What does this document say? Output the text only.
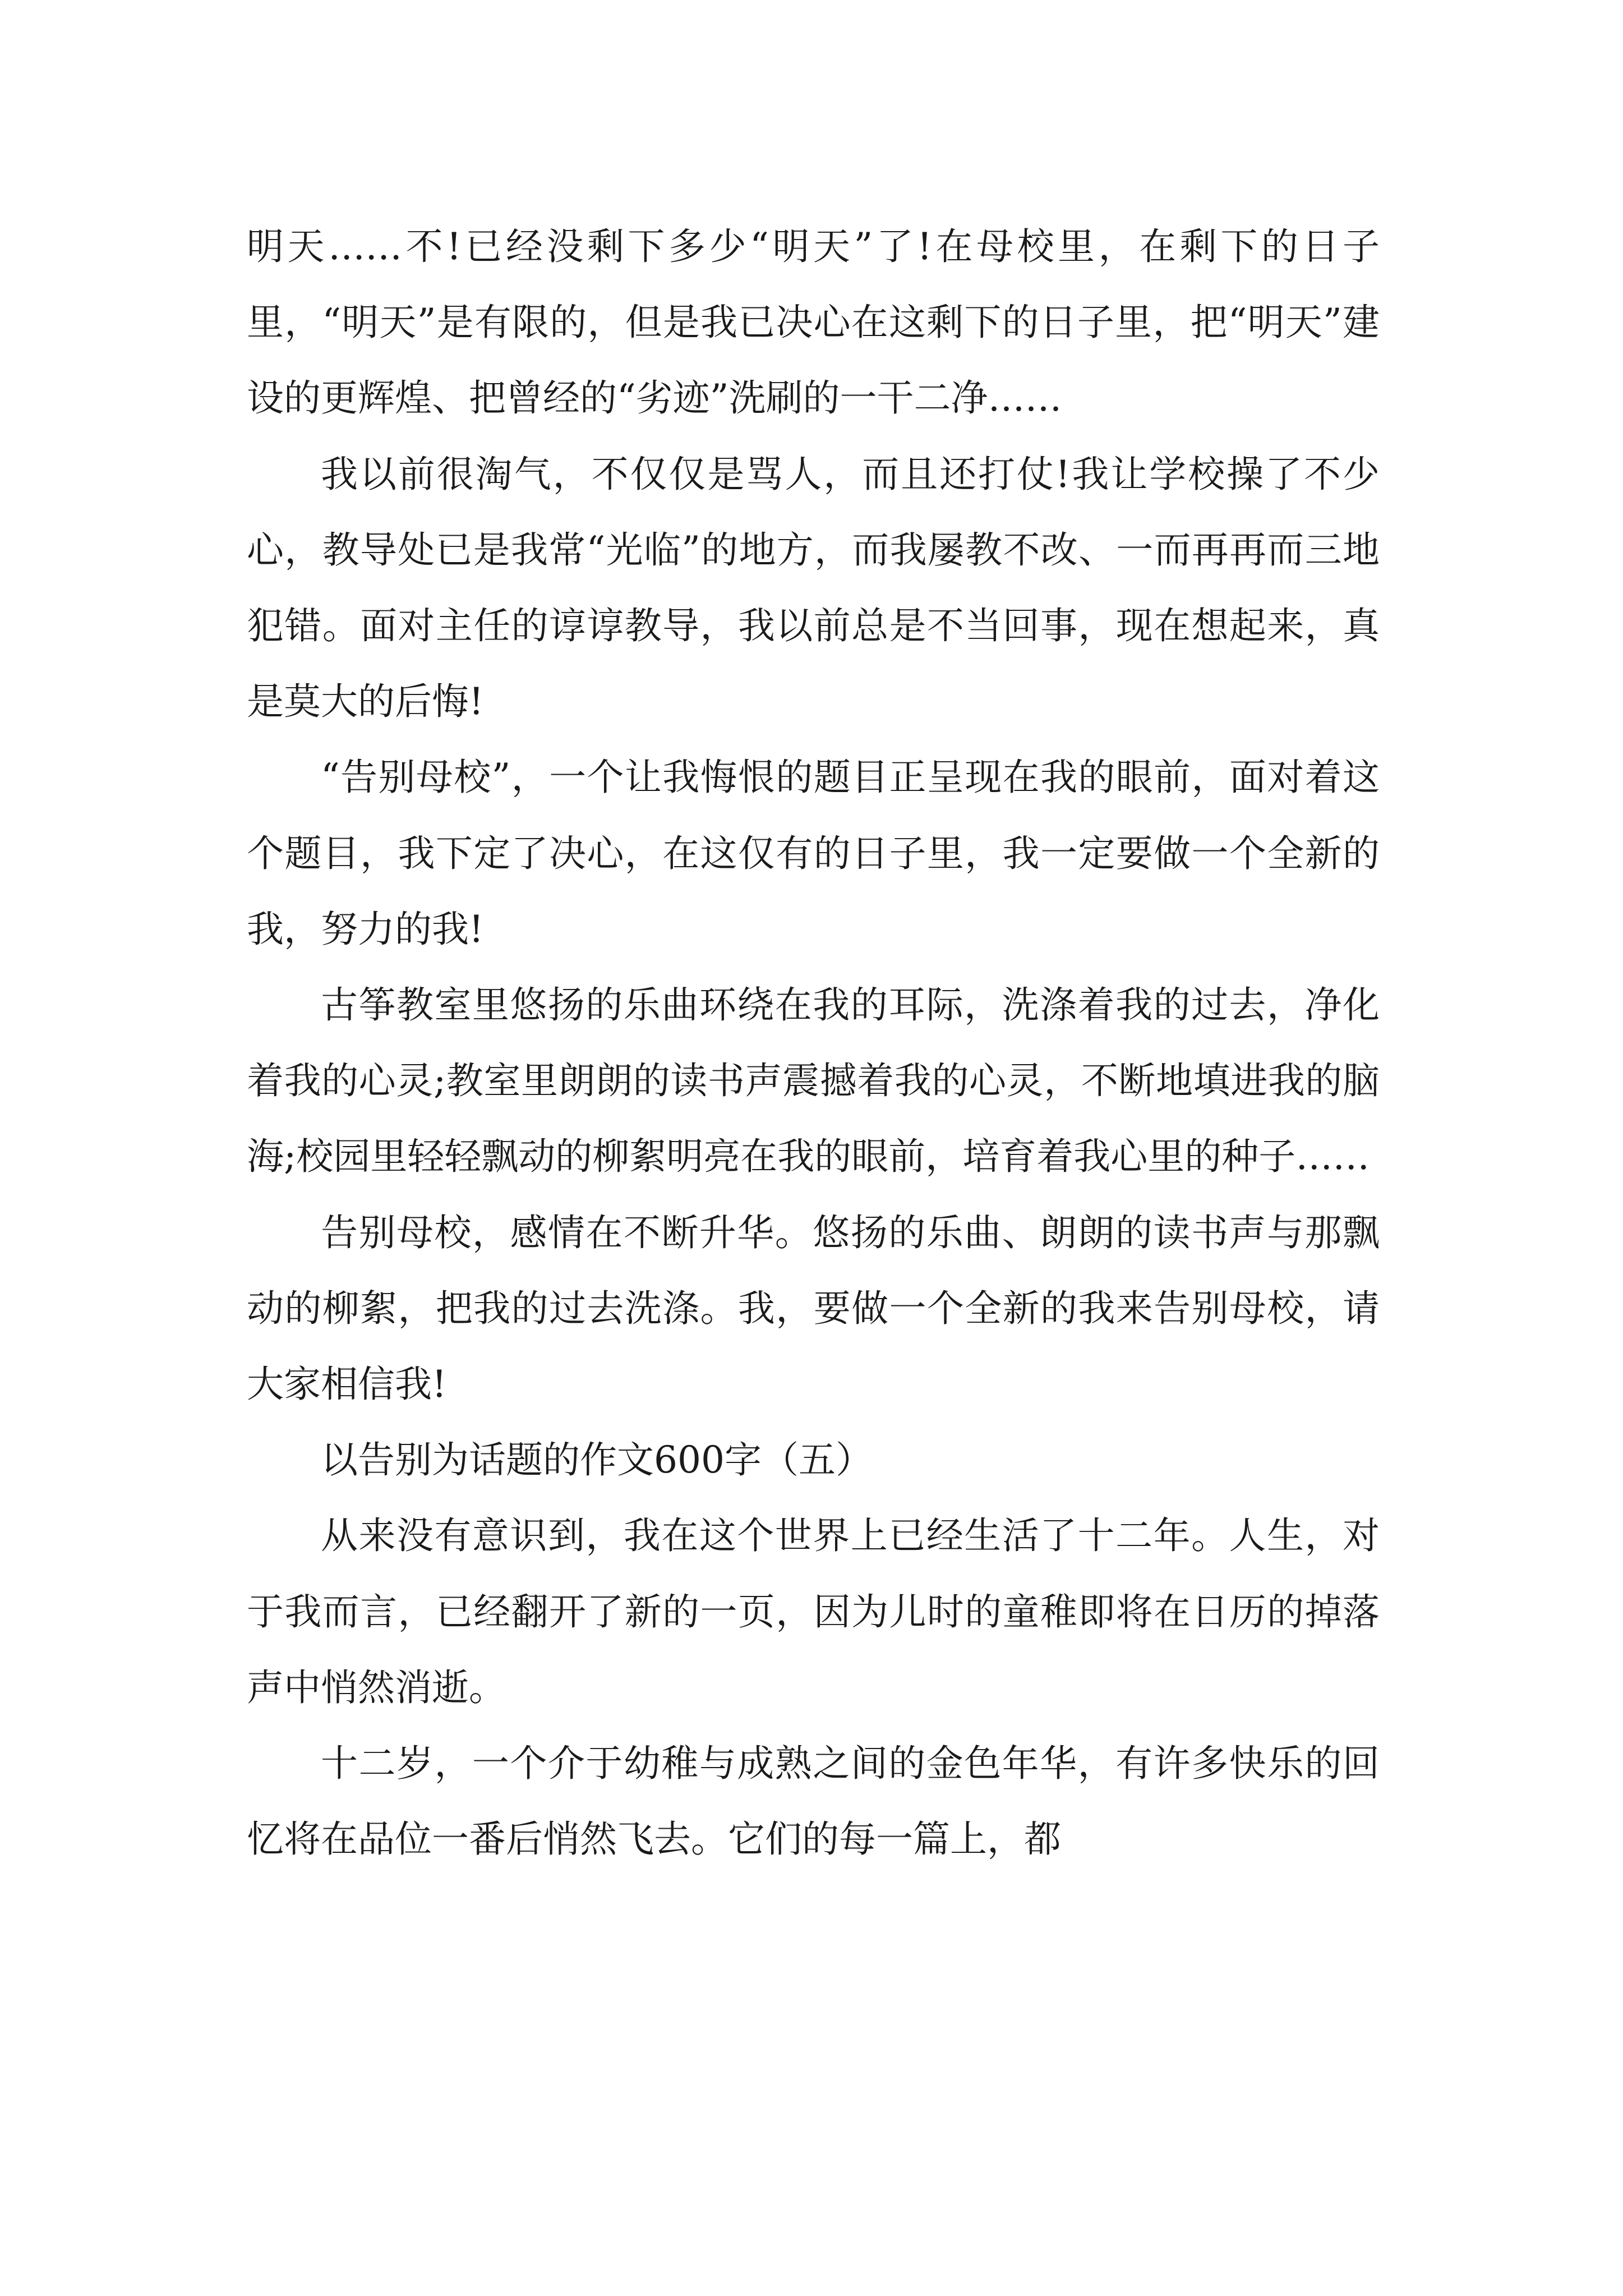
明天……不!已经没剩下多少“明天”了!在母校里，在剩下的日子里，“明天”是有限的，但是我已决心在这剩下的日子里，把“明天”建设的更辉煌、把曾经的“劣迹”洗刷的一干二净……

我以前很淘气，不仅仅是骂人，而且还打仗!我让学校操了不少心，教导处已是我常“光临”的地方，而我屡教不改、一而再再而三地犯错。面对主任的谆谆教导，我以前总是不当回事，现在想起来，真是莫大的后悔!

“告别母校”，一个让我悔恨的题目正呈现在我的眼前，面对着这个题目，我下定了决心，在这仅有的日子里，我一定要做一个全新的我，努力的我!

古筝教室里悠扬的乐曲环绕在我的耳际，洗涤着我的过去，净化着我的心灵;教室里朗朗的读书声震撼着我的心灵，不断地填进我的脑海;校园里轻轻飘动的柳絮明亮在我的眼前，培育着我心里的种子……

告别母校，感情在不断升华。悠扬的乐曲、朗朗的读书声与那飘动的柳絮，把我的过去洗涤。我，要做一个全新的我来告别母校，请大家相信我!

以告别为话题的作文600字（五）

从来没有意识到，我在这个世界上已经生活了十二年。人生，对于我而言，已经翻开了新的一页，因为儿时的童稚即将在日历的掉落声中悄然消逝。

十二岁，一个介于幼稚与成熟之间的金色年华，有许多快乐的回忆将在品位一番后悄然飞去。它们的每一篇上，都
